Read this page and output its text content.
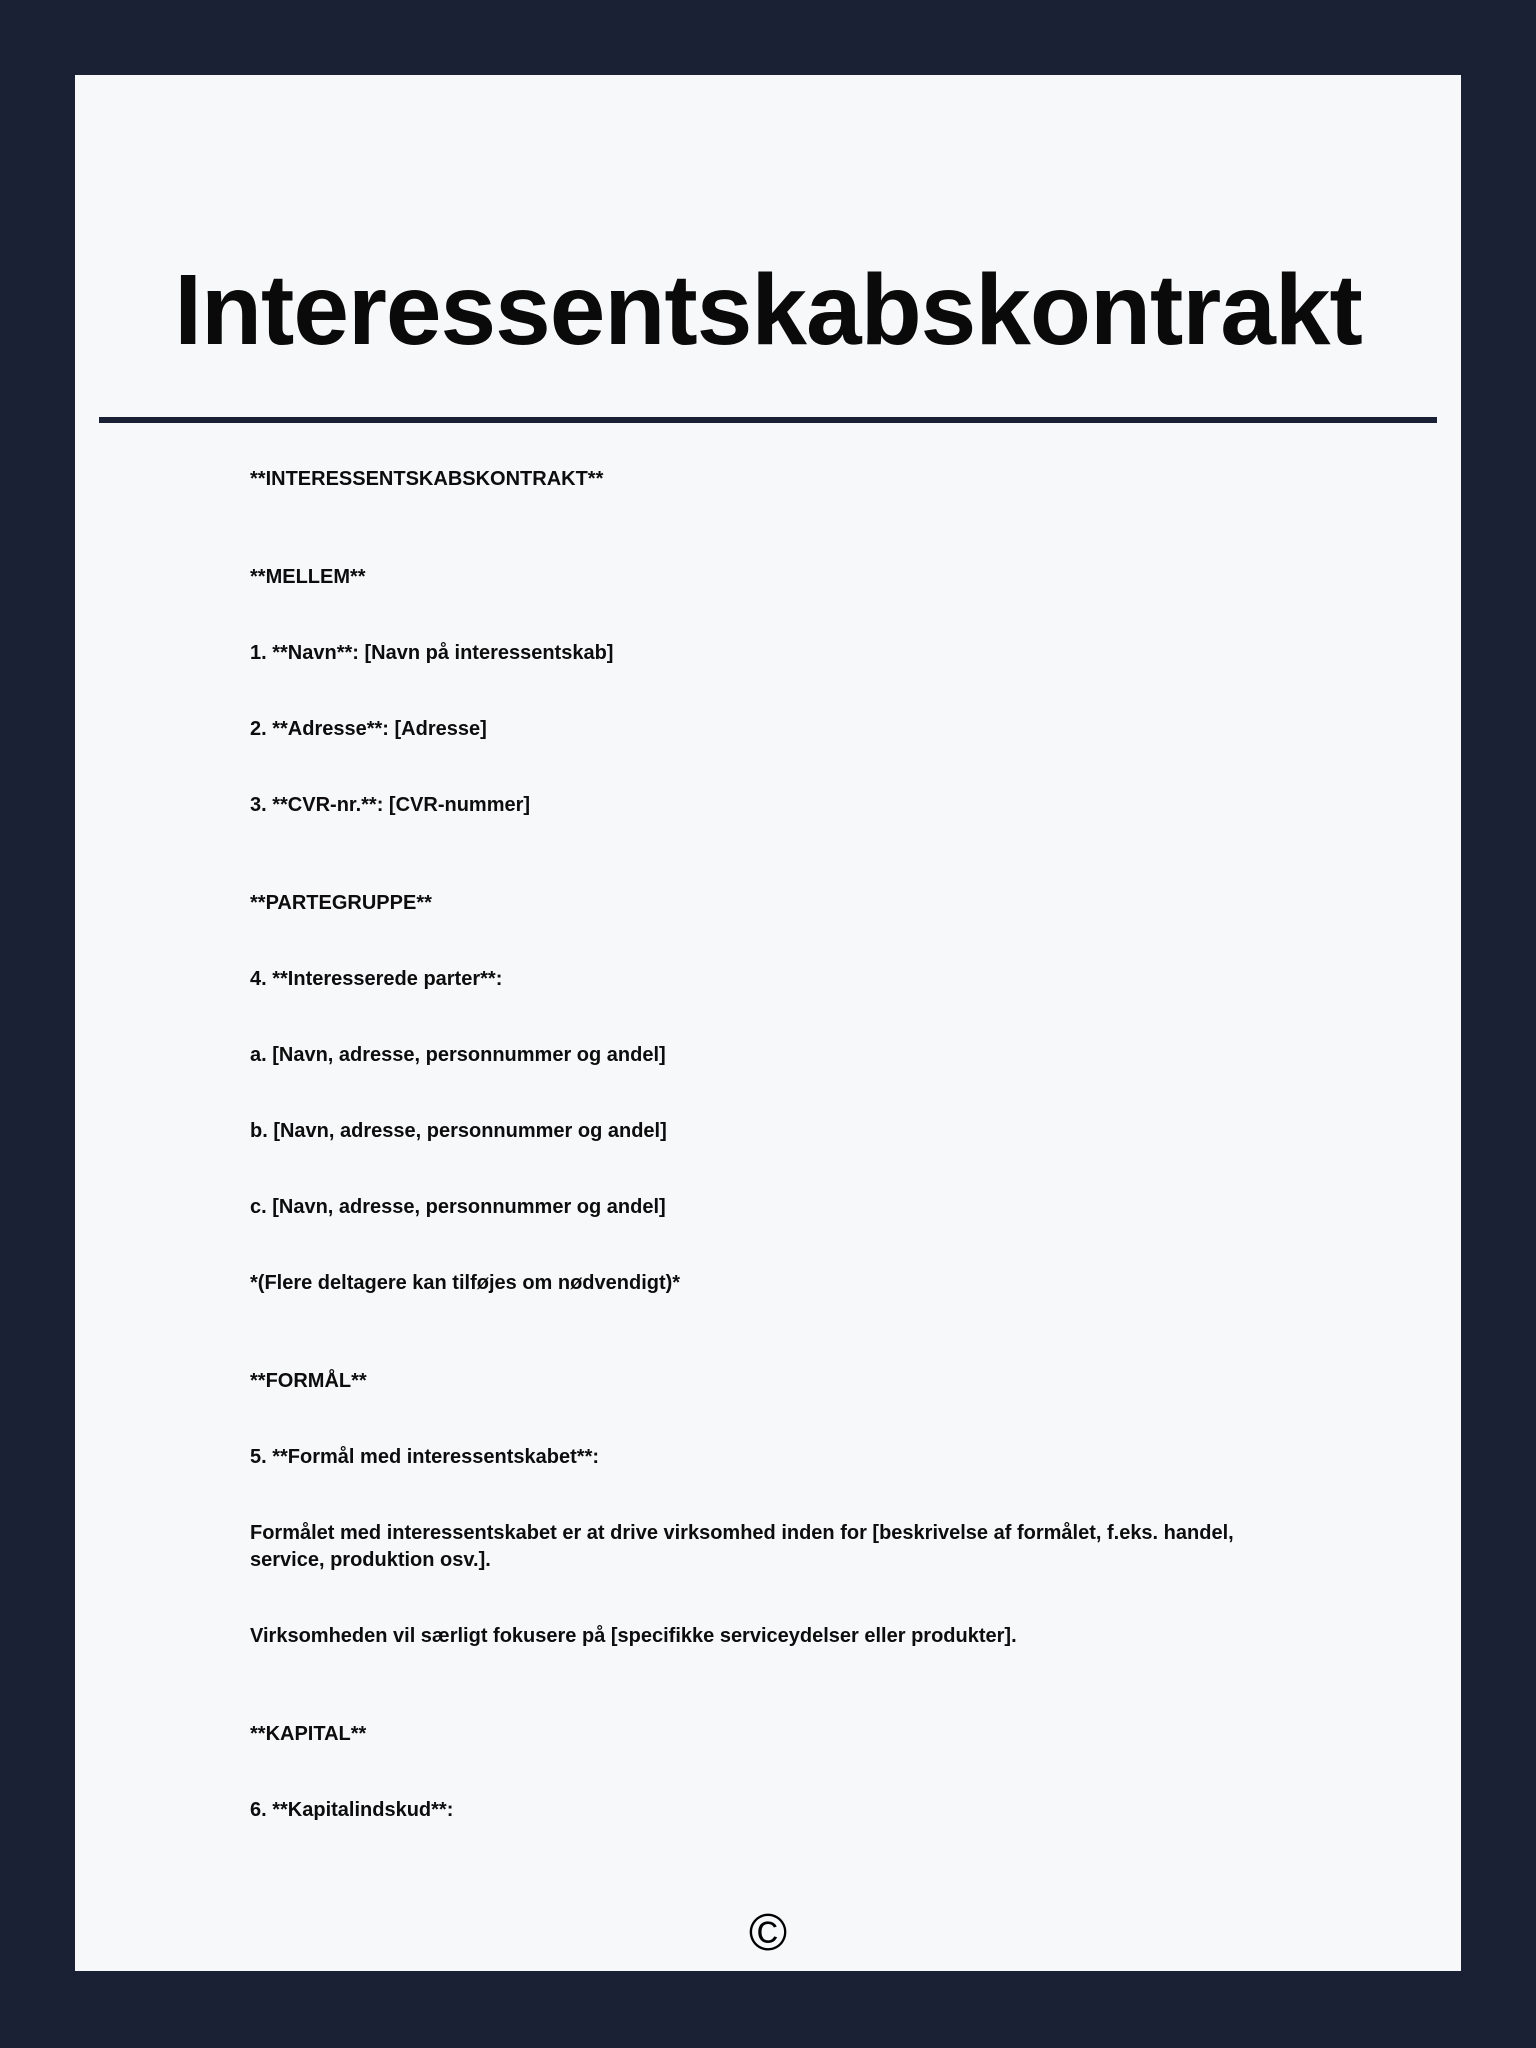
Interessentskabskontrakt
**INTERESSENTSKABSKONTRAKT**
**MELLEM**
1. **Navn**: [Navn på interessentskab]
2. **Adresse**: [Adresse]
3. **CVR-nr.**: [CVR-nummer]
**PARTEGRUPPE**
4. **Interesserede parter**:
a. [Navn, adresse, personnummer og andel]
b. [Navn, adresse, personnummer og andel]
c. [Navn, adresse, personnummer og andel]
*(Flere deltagere kan tilføjes om nødvendigt)*
**FORMÅL**
5. **Formål med interessentskabet**:
Formålet med interessentskabet er at drive virksomhed inden for [beskrivelse af formålet, f.eks. handel, service, produktion osv.].
Virksomheden vil særligt fokusere på [specifikke serviceydelser eller produkter].
**KAPITAL**
6. **Kapitalindskud**:
©
